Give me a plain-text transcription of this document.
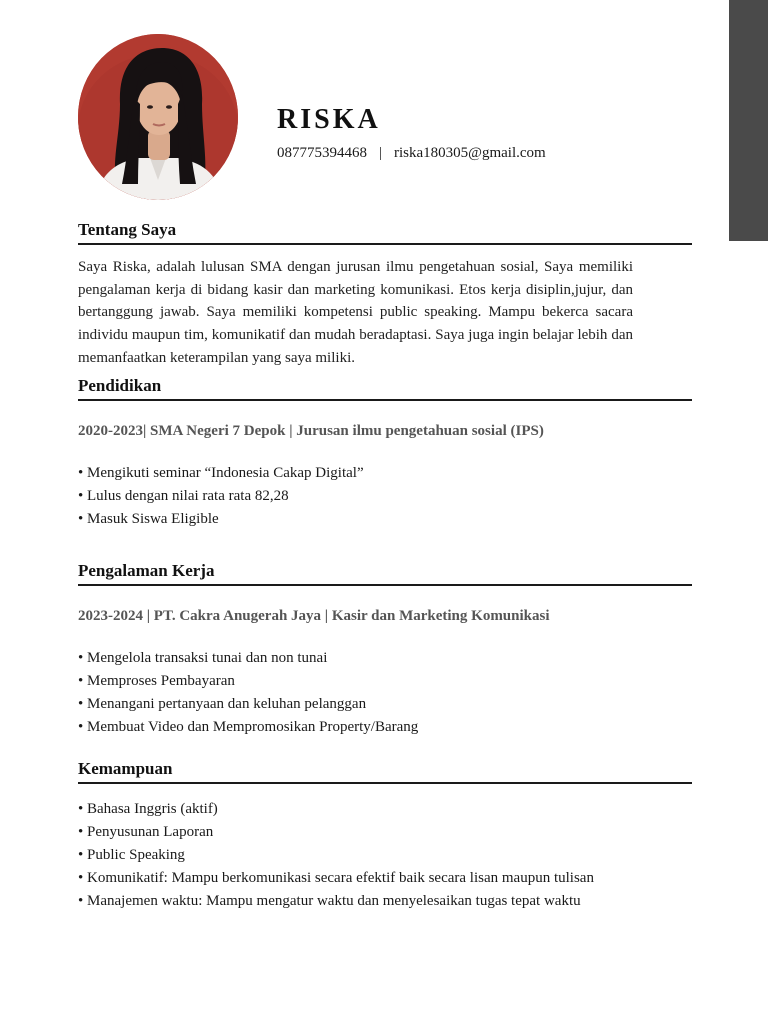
RISKA
087775394468 | riska180305@gmail.com
Tentang Saya

Saya Riska, adalah lulusan SMA dengan jurusan ilmu pengetahuan sosial, Saya memiliki pengalaman kerja di bidang kasir dan marketing komunikasi. Etos kerja disiplin,jujur, dan bertanggung jawab. Saya memiliki kompetensi public speaking. Mampu bekerca sacara individu maupun tim, komunikatif dan mudah beradaptasi. Saya juga ingin belajar lebih dan memanfaatkan keterampilan yang saya miliki.

Pendidikan

2020-2023| SMA Negeri 7 Depok | Jurusan ilmu pengetahuan sosial (IPS)

• Mengikuti seminar “Indonesia Cakap Digital”
• Lulus dengan nilai rata rata 82,28
• Masuk Siswa Eligible
Pengalaman Kerja

2023-2024 | PT. Cakra Anugerah Jaya | Kasir dan Marketing Komunikasi

• Mengelola transaksi tunai dan non tunai
• Memproses Pembayaran
• Menangani pertanyaan dan keluhan pelanggan
• Membuat Video dan Mempromosikan Property/Barang
Kemampuan
• Bahasa Inggris (aktif)
• Penyusunan Laporan
• Public Speaking
• Komunikatif: Mampu berkomunikasi secara efektif baik secara lisan maupun tulisan
• Manajemen waktu: Mampu mengatur waktu dan menyelesaikan tugas tepat waktu
